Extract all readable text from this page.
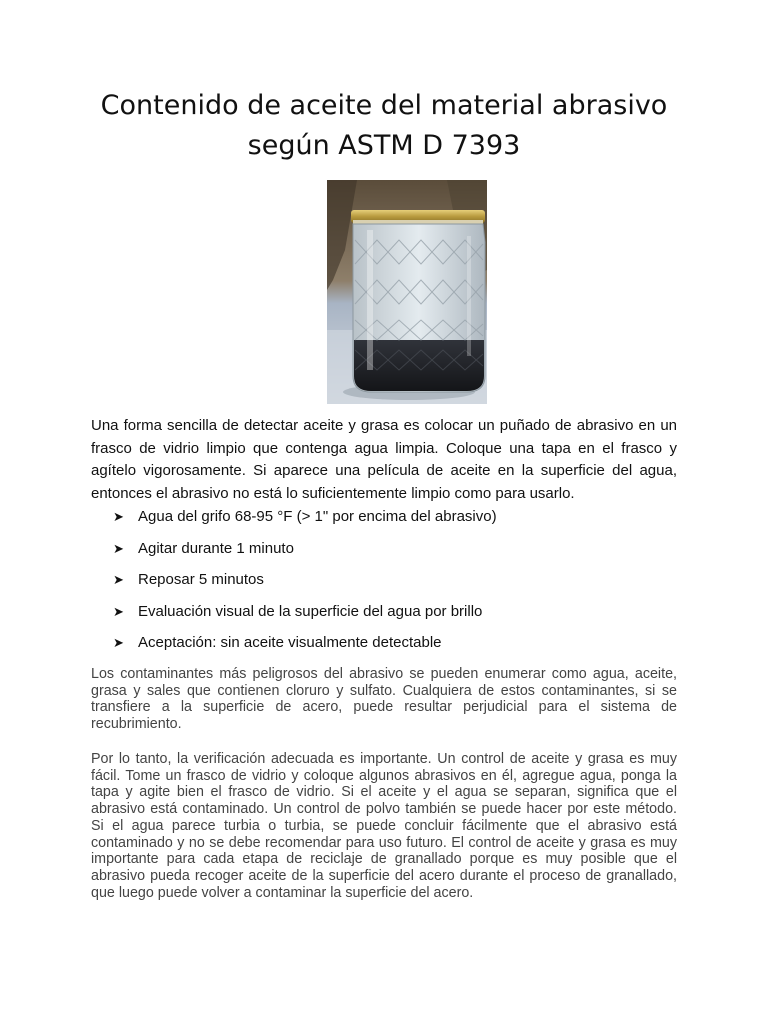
Contenido de aceite del material abrasivo
según ASTM D 7393

Una forma sencilla de detectar aceite y grasa es colocar un puñado de abrasivo en un frasco de vidrio limpio que contenga agua limpia. Coloque una tapa en el frasco y agítelo vigorosamente. Si aparece una película de aceite en la superficie del agua, entonces el abrasivo no está lo suficientemente limpio como para usarlo.

➤ Agua del grifo 68-95 °F (> 1" por encima del abrasivo)
➤ Agitar durante 1 minuto
➤ Reposar 5 minutos
➤ Evaluación visual de la superficie del agua por brillo
➤ Aceptación: sin aceite visualmente detectable

Los contaminantes más peligrosos del abrasivo se pueden enumerar como agua, aceite, grasa y sales que contienen cloruro y sulfato. Cualquiera de estos contaminantes, si se transfiere a la superficie de acero, puede resultar perjudicial para el sistema de recubrimiento.

Por lo tanto, la verificación adecuada es importante. Un control de aceite y grasa es muy fácil. Tome un frasco de vidrio y coloque algunos abrasivos en él, agregue agua, ponga la tapa y agite bien el frasco de vidrio. Si el aceite y el agua se separan, significa que el abrasivo está contaminado. Un control de polvo también se puede hacer por este método. Si el agua parece turbia o turbia, se puede concluir fácilmente que el abrasivo está contaminado y no se debe recomendar para uso futuro. El control de aceite y grasa es muy importante para cada etapa de reciclaje de granallado porque es muy posible que el abrasivo pueda recoger aceite de la superficie del acero durante el proceso de granallado, que luego puede volver a contaminar la superficie del acero.
